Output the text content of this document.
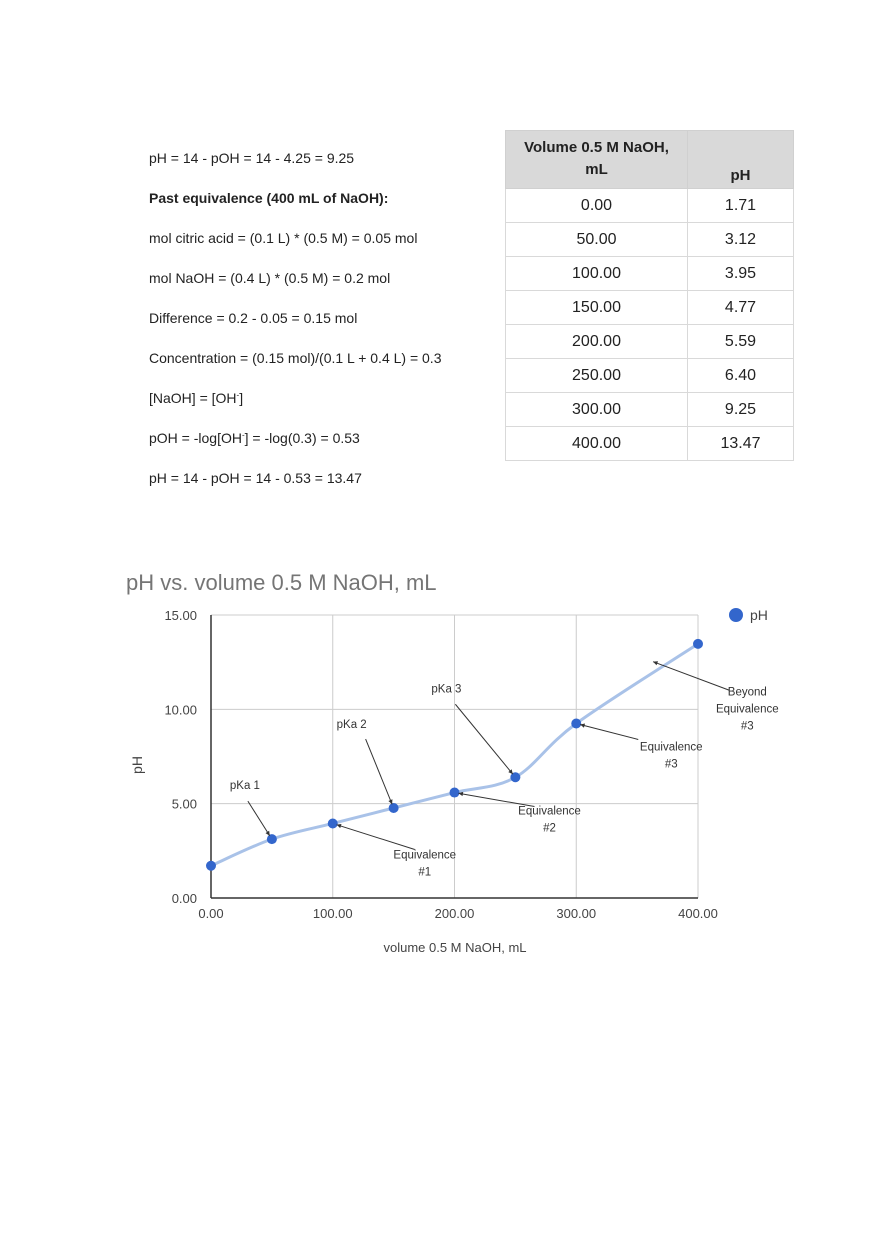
pH = 14 - pOH = 14 - 4.25 = 9.25

Past equivalence (400 mL of NaOH):

mol citric acid = (0.1 L) * (0.5 M) = 0.05 mol

mol NaOH = (0.4 L) * (0.5 M) = 0.2 mol

Difference = 0.2 - 0.05 = 0.15 mol

Concentration = (0.15 mol)/(0.1 L + 0.4 L) = 0.3

[NaOH] = [OH-]

pOH = -log[OH-] = -log(0.3) = 0.53

pH = 14 - pOH = 14 - 0.53 = 13.47

Volume 0.5 M NaOH,
mL	pH
0.00	1.71
50.00	3.12
100.00	3.95
150.00	4.77
200.00	5.59
250.00	6.40
300.00	9.25
400.00	13.47
pH vs. volume 0.5 M NaOH, mL
0.00
5.00
10.00
15.00
0.00	100.00	200.00	300.00	400.00
pKa 1
pKa 2
pKa 3
Equivalence
#1
Equivalence
#2
Equivalence
#3
Beyond
Equivalence
#3
pH
pH
volume 0.5 M NaOH, mL
